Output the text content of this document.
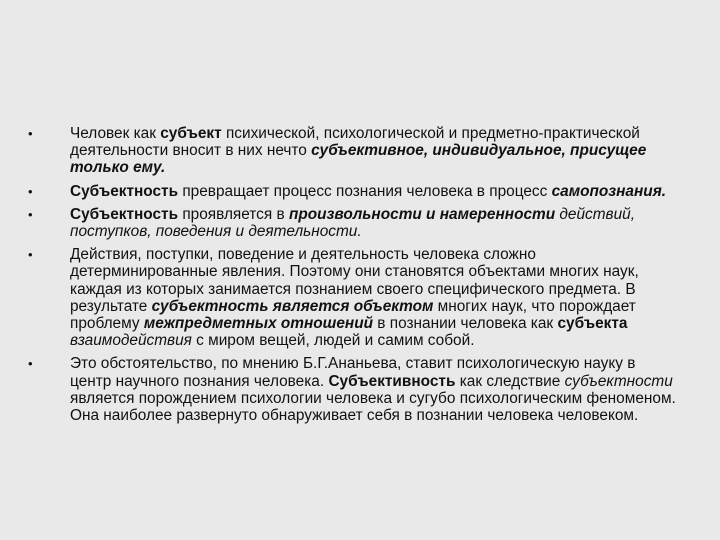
• Человек как субъект психической, психологической и предметно-практической деятельности вносит в них нечто субъективное, индивидуальное, присущее только ему.
• Субъектность превращает процесс познания человека в процесс самопознания.
• Субъектность проявляется в произвольности и намеренности действий, поступков, поведения и деятельности.
• Действия, поступки, поведение и деятельность человека сложно детерминированные явления. Поэтому они становятся объектами многих наук, каждая из которых занимается познанием своего специфического предмета. В результате субъектность является объектом многих наук, что порождает проблему межпредметных отношений в познании человека как субъекта взаимодействия с миром вещей, людей и самим собой.
• Это обстоятельство, по мнению Б.Г.Ананьева, ставит психологическую науку в центр научного познания человека. Субъективность как следствие субъектности является порождением психологии человека и сугубо психологическим феноменом. Она наиболее развернуто обнаруживает себя в познании человека человеком.
